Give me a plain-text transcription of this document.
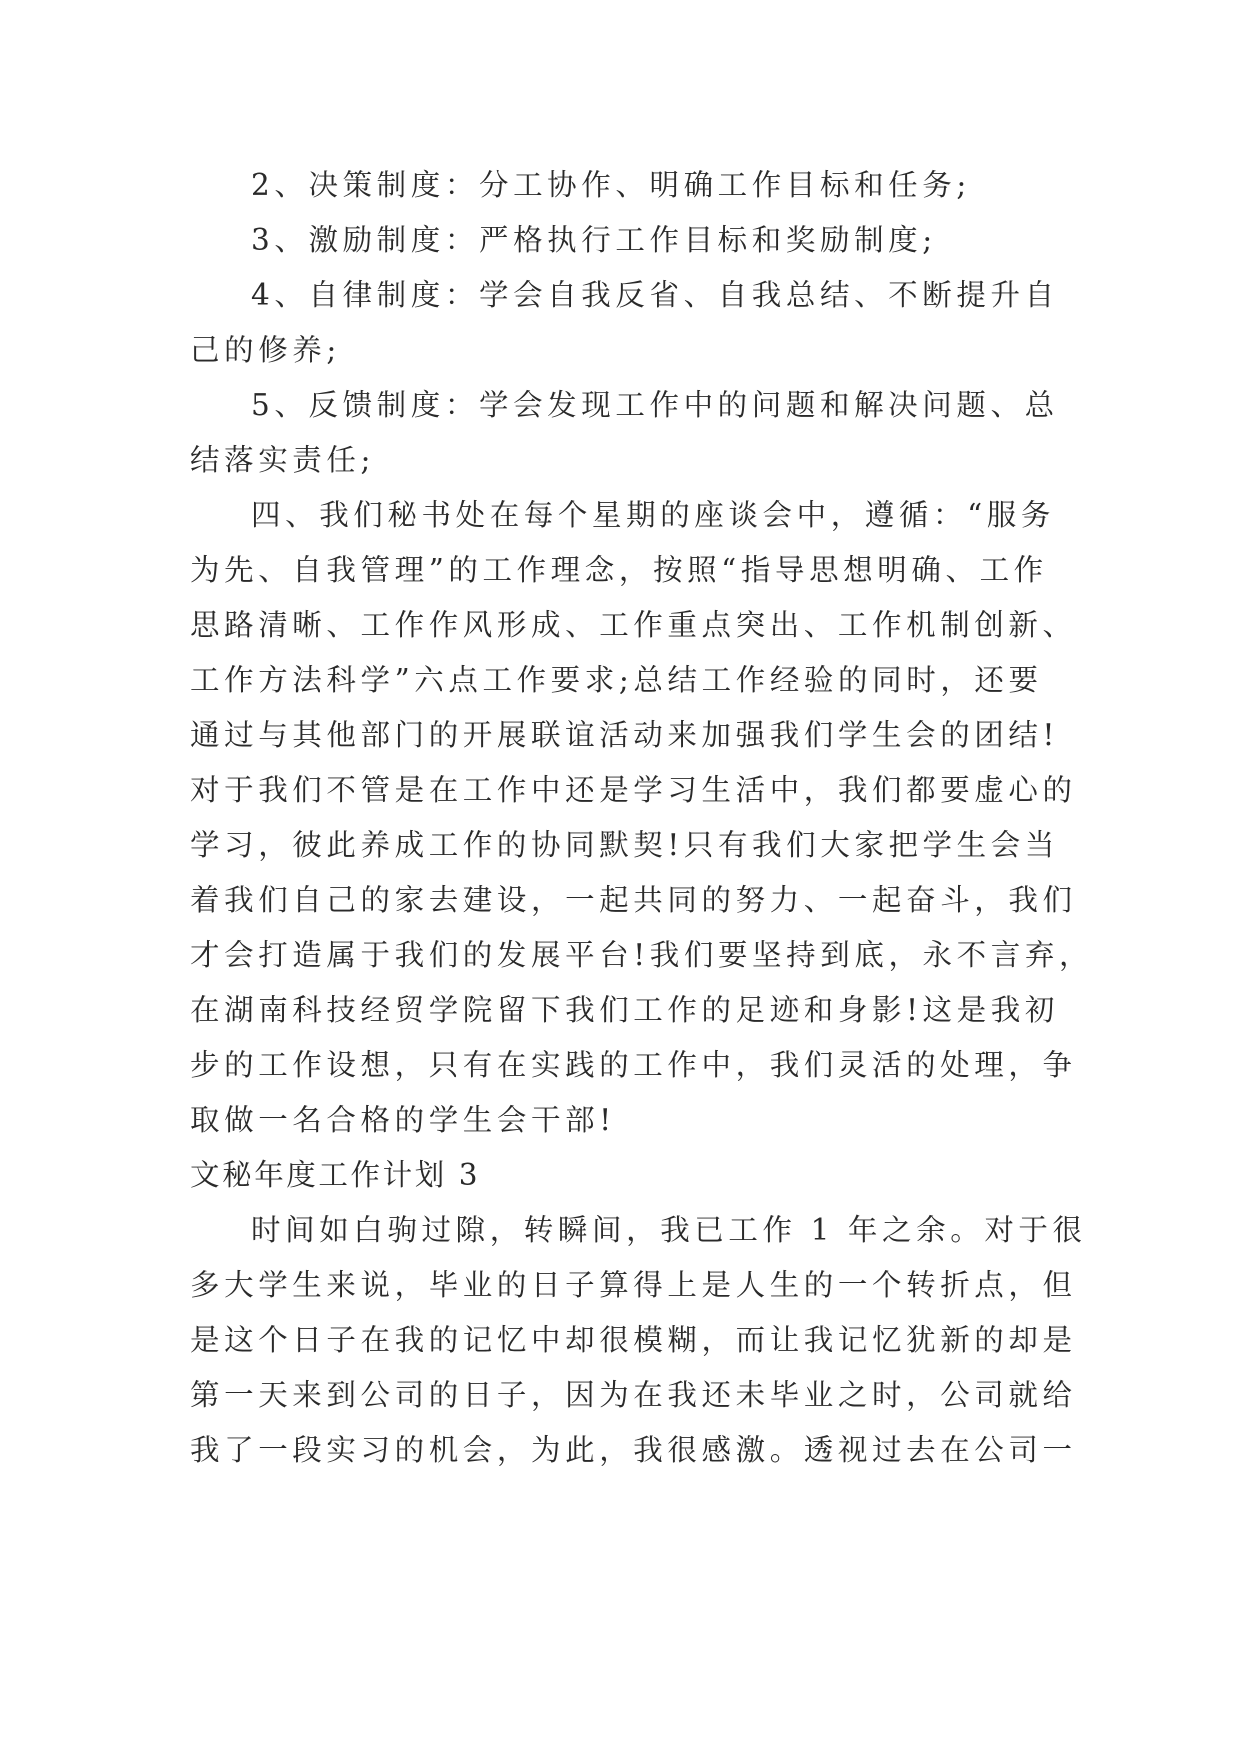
2、决策制度：分工协作、明确工作目标和任务;
3、激励制度：严格执行工作目标和奖励制度;
4、自律制度：学会自我反省、自我总结、不断提升自
己的修养;
5、反馈制度：学会发现工作中的问题和解决问题、总
结落实责任;
四、我们秘书处在每个星期的座谈会中，遵循：“服务
为先、自我管理”的工作理念，按照“指导思想明确、工作
思路清晰、工作作风形成、工作重点突出、工作机制创新、
工作方法科学”六点工作要求;总结工作经验的同时，还要
通过与其他部门的开展联谊活动来加强我们学生会的团结!
对于我们不管是在工作中还是学习生活中，我们都要虚心的
学习，彼此养成工作的协同默契!只有我们大家把学生会当
着我们自己的家去建设，一起共同的努力、一起奋斗，我们
才会打造属于我们的发展平台!我们要坚持到底，永不言弃，
在湖南科技经贸学院留下我们工作的足迹和身影!这是我初
步的工作设想，只有在实践的工作中，我们灵活的处理，争
取做一名合格的学生会干部!
文秘年度工作计划 3
时间如白驹过隙，转瞬间，我已工作 1 年之余。对于很
多大学生来说，毕业的日子算得上是人生的一个转折点，但
是这个日子在我的记忆中却很模糊，而让我记忆犹新的却是
第一天来到公司的日子，因为在我还未毕业之时，公司就给
我了一段实习的机会，为此，我很感激。透视过去在公司一
